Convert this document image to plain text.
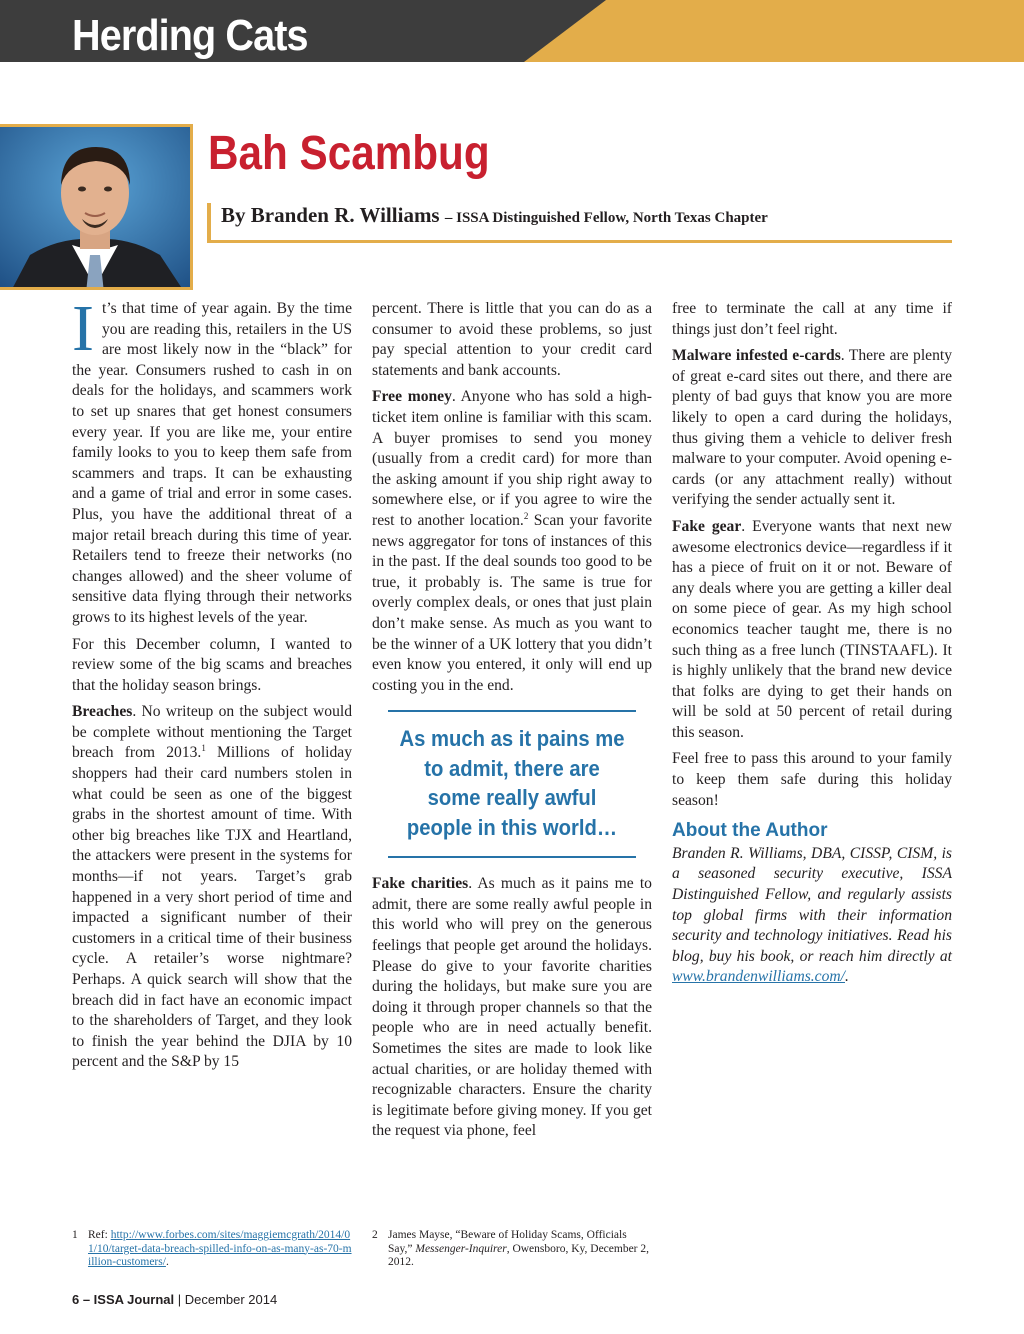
Herding Cats
Bah Scambug
By Branden R. Williams – ISSA Distinguished Fellow, North Texas Chapter

It’s that time of year again. By the time you are reading this, retailers in the US are most likely now in the “black” for the year. Consumers rushed to cash in on deals for the holidays, and scammers work to set up snares that get honest consumers every year. If you are like me, your entire family looks to you to keep them safe from scammers and traps. It can be exhausting and a game of trial and error in some cases. Plus, you have the additional threat of a major retail breach during this time of year. Retailers tend to freeze their networks (no changes allowed) and the sheer volume of sensitive data flying through their networks grows to its highest levels of the year.

For this December column, I wanted to review some of the big scams and breaches that the holiday season brings.

Breaches. No writeup on the subject would be complete without mentioning the Target breach from 2013.$^1$ Millions of holiday shoppers had their card numbers stolen in what could be seen as one of the biggest grabs in the shortest amount of time. With other big breaches like TJX and Heartland, the attackers were present in the systems for months—if not years. Target’s grab happened in a very short period of time and impacted a significant number of their customers in a critical time of their business cycle. A retailer’s worse nightmare? Perhaps. A quick search will show that the breach did in fact have an economic impact to the shareholders of Target, and they look to finish the year behind the DJIA by 10 percent and the S&P by 15

percent. There is little that you can do as a consumer to avoid these problems, so just pay special attention to your credit card statements and bank accounts.

Free money. Anyone who has sold a high-ticket item online is familiar with this scam. A buyer promises to send you money (usually from a credit card) for more than the asking amount if you ship right away to somewhere else, or if you agree to wire the rest to another location.$^2$ Scan your favorite news aggregator for tons of instances of this in the past. If the deal sounds too good to be true, it probably is. The same is true for overly complex deals, or ones that just plain don’t make sense. As much as you want to be the winner of a UK lottery that you didn’t even know you entered, it only will end up costing you in the end.

As much as it pains me to admit, there are some really awful people in this world…

Fake charities. As much as it pains me to admit, there are some really awful people in this world who will prey on the generous feelings that people get around the holidays. Please do give to your favorite charities during the holidays, but make sure you are doing it through proper channels so that the people who are in need actually benefit. Sometimes the sites are made to look like actual charities, or are holiday themed with recognizable characters. Ensure the charity is legitimate before giving money. If you get the request via phone, feel

free to terminate the call at any time if things just don’t feel right.

Malware infested e-cards. There are plenty of great e-card sites out there, and there are plenty of bad guys that know you are more likely to open a card during the holidays, thus giving them a vehicle to deliver fresh malware to your computer. Avoid opening e-cards (or any attachment really) without verifying the sender actually sent it.

Fake gear. Everyone wants that next new awesome electronics device—regardless if it has a piece of fruit on it or not. Beware of any deals where you are getting a killer deal on some piece of gear. As my high school economics teacher taught me, there is no such thing as a free lunch (TINSTAAFL). It is highly unlikely that the brand new device that folks are dying to get their hands on will be sold at 50 percent of retail during this season.

Feel free to pass this around to your family to keep them safe during this holiday season!

About the Author

Branden R. Williams, DBA, CISSP, CISM, is a seasoned security executive, ISSA Distinguished Fellow, and regularly assists top global firms with their information security and technology initiatives. Read his blog, buy his book, or reach him directly at www.brandenwilliams.com/.

1 Ref: http://www.forbes.com/sites/maggiemcgrath/2014/01/10/target-data-breach-spilled-info-on-as-many-as-70-million-customers/.
2 James Mayse, “Beware of Holiday Scams, Officials Say,” Messenger-Inquirer, Owensboro, Ky, December 2, 2012.
6 – ISSA Journal | December 2014
